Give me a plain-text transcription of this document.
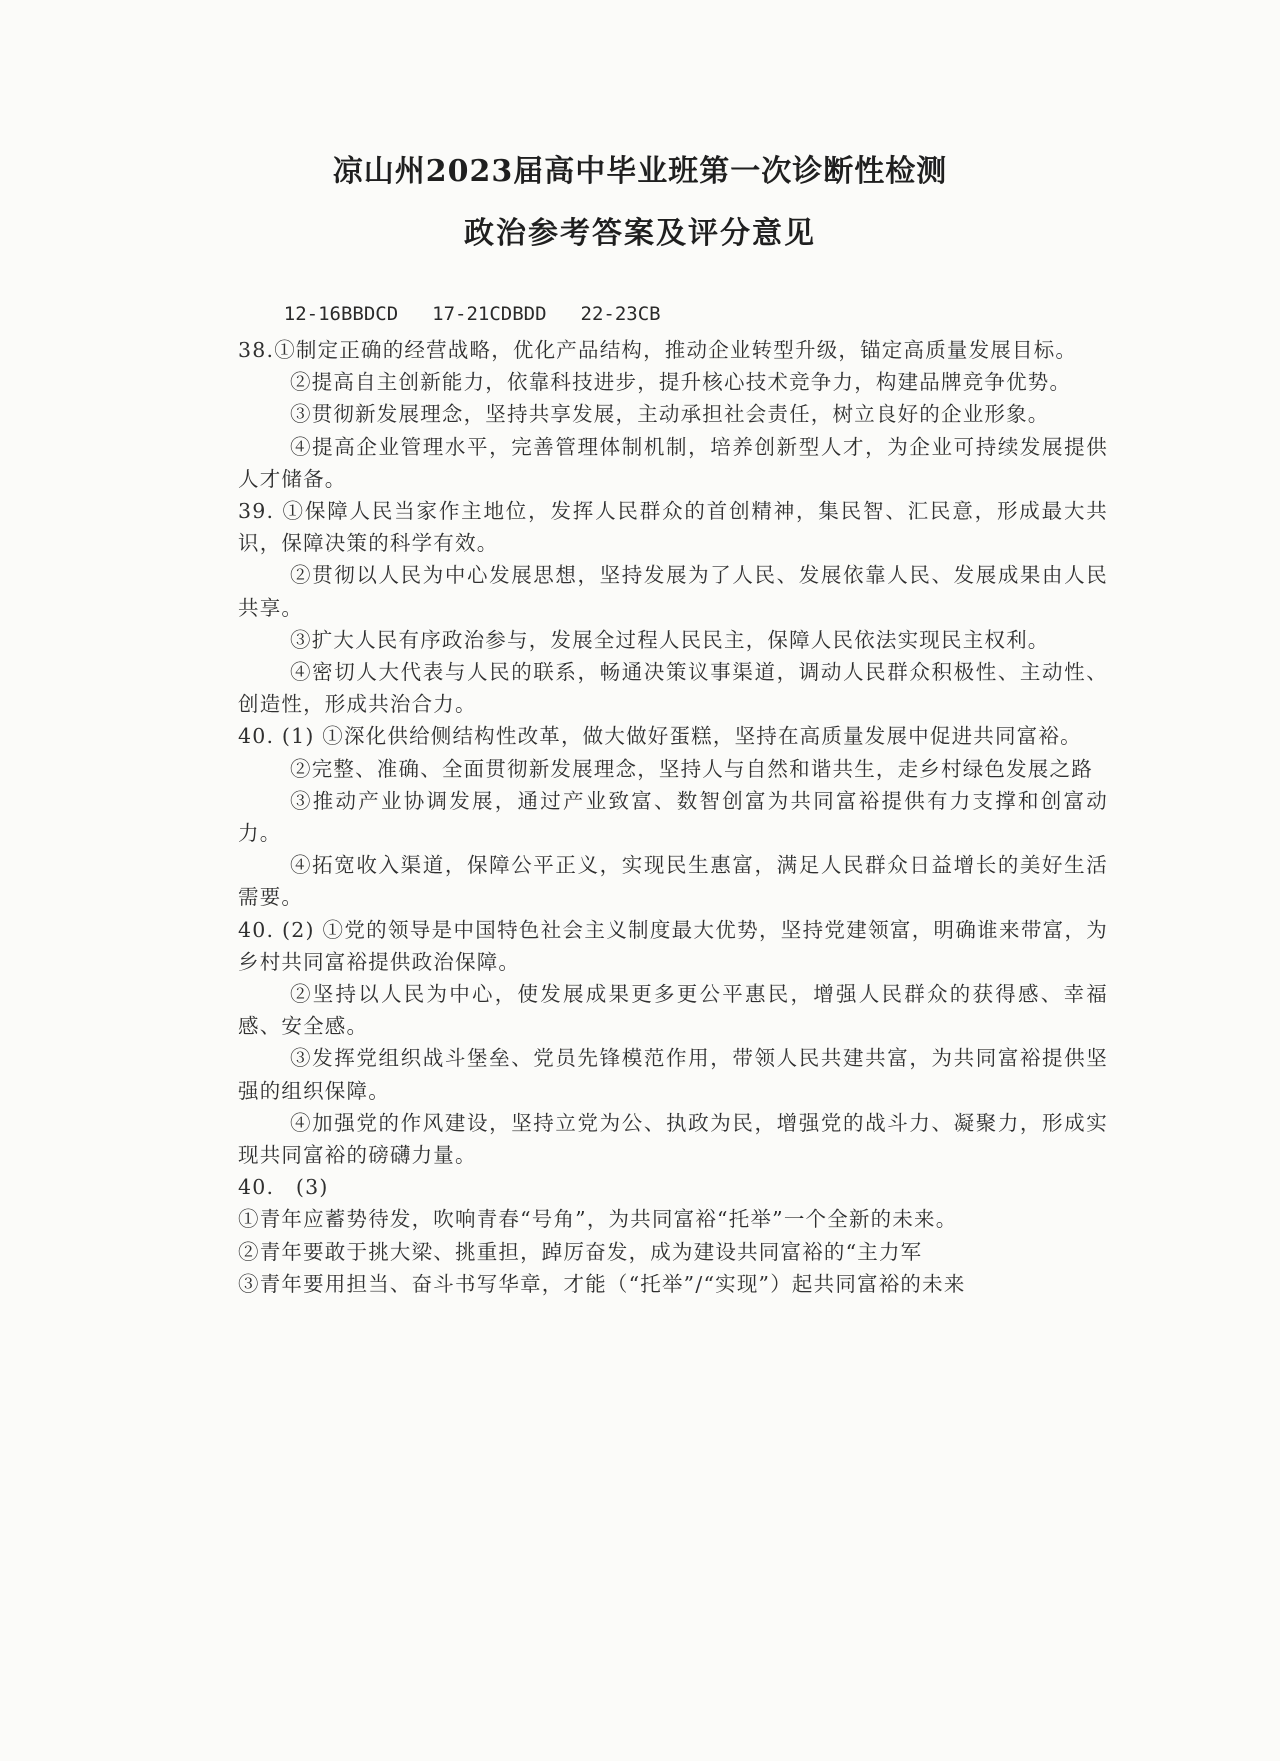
凉山州2023届高中毕业班第一次诊断性检测
政治参考答案及评分意见

12-16BBDCD 17-21CDBDD 22-23CB

38.①制定正确的经营战略，优化产品结构，推动企业转型升级，锚定高质量发展目标。

②提高自主创新能力，依靠科技进步，提升核心技术竞争力，构建品牌竞争优势。

③贯彻新发展理念，坚持共享发展，主动承担社会责任，树立良好的企业形象。

④提高企业管理水平，完善管理体制机制，培养创新型人才，为企业可持续发展提供人才储备。

39. ①保障人民当家作主地位，发挥人民群众的首创精神，集民智、汇民意，形成最大共识，保障决策的科学有效。

②贯彻以人民为中心发展思想，坚持发展为了人民、发展依靠人民、发展成果由人民共享。

③扩大人民有序政治参与，发展全过程人民民主，保障人民依法实现民主权利。

④密切人大代表与人民的联系，畅通决策议事渠道，调动人民群众积极性、主动性、创造性，形成共治合力。

40. (1) ①深化供给侧结构性改革，做大做好蛋糕，坚持在高质量发展中促进共同富裕。

②完整、准确、全面贯彻新发展理念，坚持人与自然和谐共生，走乡村绿色发展之路

③推动产业协调发展，通过产业致富、数智创富为共同富裕提供有力支撑和创富动力。

④拓宽收入渠道，保障公平正义，实现民生惠富，满足人民群众日益增长的美好生活需要。

40. (2) ①党的领导是中国特色社会主义制度最大优势，坚持党建领富，明确谁来带富，为乡村共同富裕提供政治保障。

②坚持以人民为中心，使发展成果更多更公平惠民，增强人民群众的获得感、幸福感、安全感。

③发挥党组织战斗堡垒、党员先锋模范作用，带领人民共建共富，为共同富裕提供坚强的组织保障。

④加强党的作风建设，坚持立党为公、执政为民，增强党的战斗力、凝聚力，形成实现共同富裕的磅礴力量。

40.　(3)

①青年应蓄势待发，吹响青春“号角”，为共同富裕“托举”一个全新的未来。

②青年要敢于挑大梁、挑重担，踔厉奋发，成为建设共同富裕的“主力军

③青年要用担当、奋斗书写华章，才能（“托举”/“实现”）起共同富裕的未来
